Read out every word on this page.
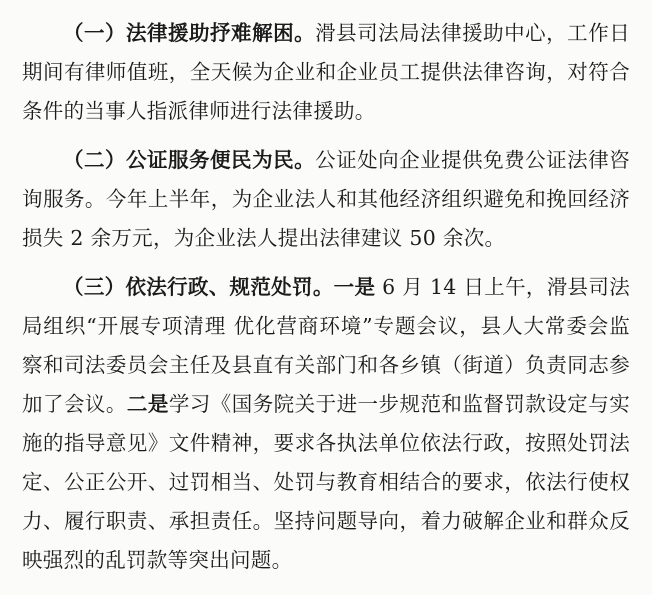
（一）法律援助抒难解困。滑县司法局法律援助中心，工作日期间有律师值班，全天候为企业和企业员工提供法律咨询，对符合条件的当事人指派律师进行法律援助。

（二）公证服务便民为民。公证处向企业提供免费公证法律咨询服务。今年上半年，为企业法人和其他经济组织避免和挽回经济损失 2 余万元，为企业法人提出法律建议 50 余次。

（三）依法行政、规范处罚。一是 6 月 14 日上午，滑县司法局组织“开展专项清理 优化营商环境”专题会议，县人大常委会监察和司法委员会主任及县直有关部门和各乡镇（街道）负责同志参加了会议。二是学习《国务院关于进一步规范和监督罚款设定与实施的指导意见》文件精神，要求各执法单位依法行政，按照处罚法定、公正公开、过罚相当、处罚与教育相结合的要求，依法行使权力、履行职责、承担责任。坚持问题导向，着力破解企业和群众反映强烈的乱罚款等突出问题。
